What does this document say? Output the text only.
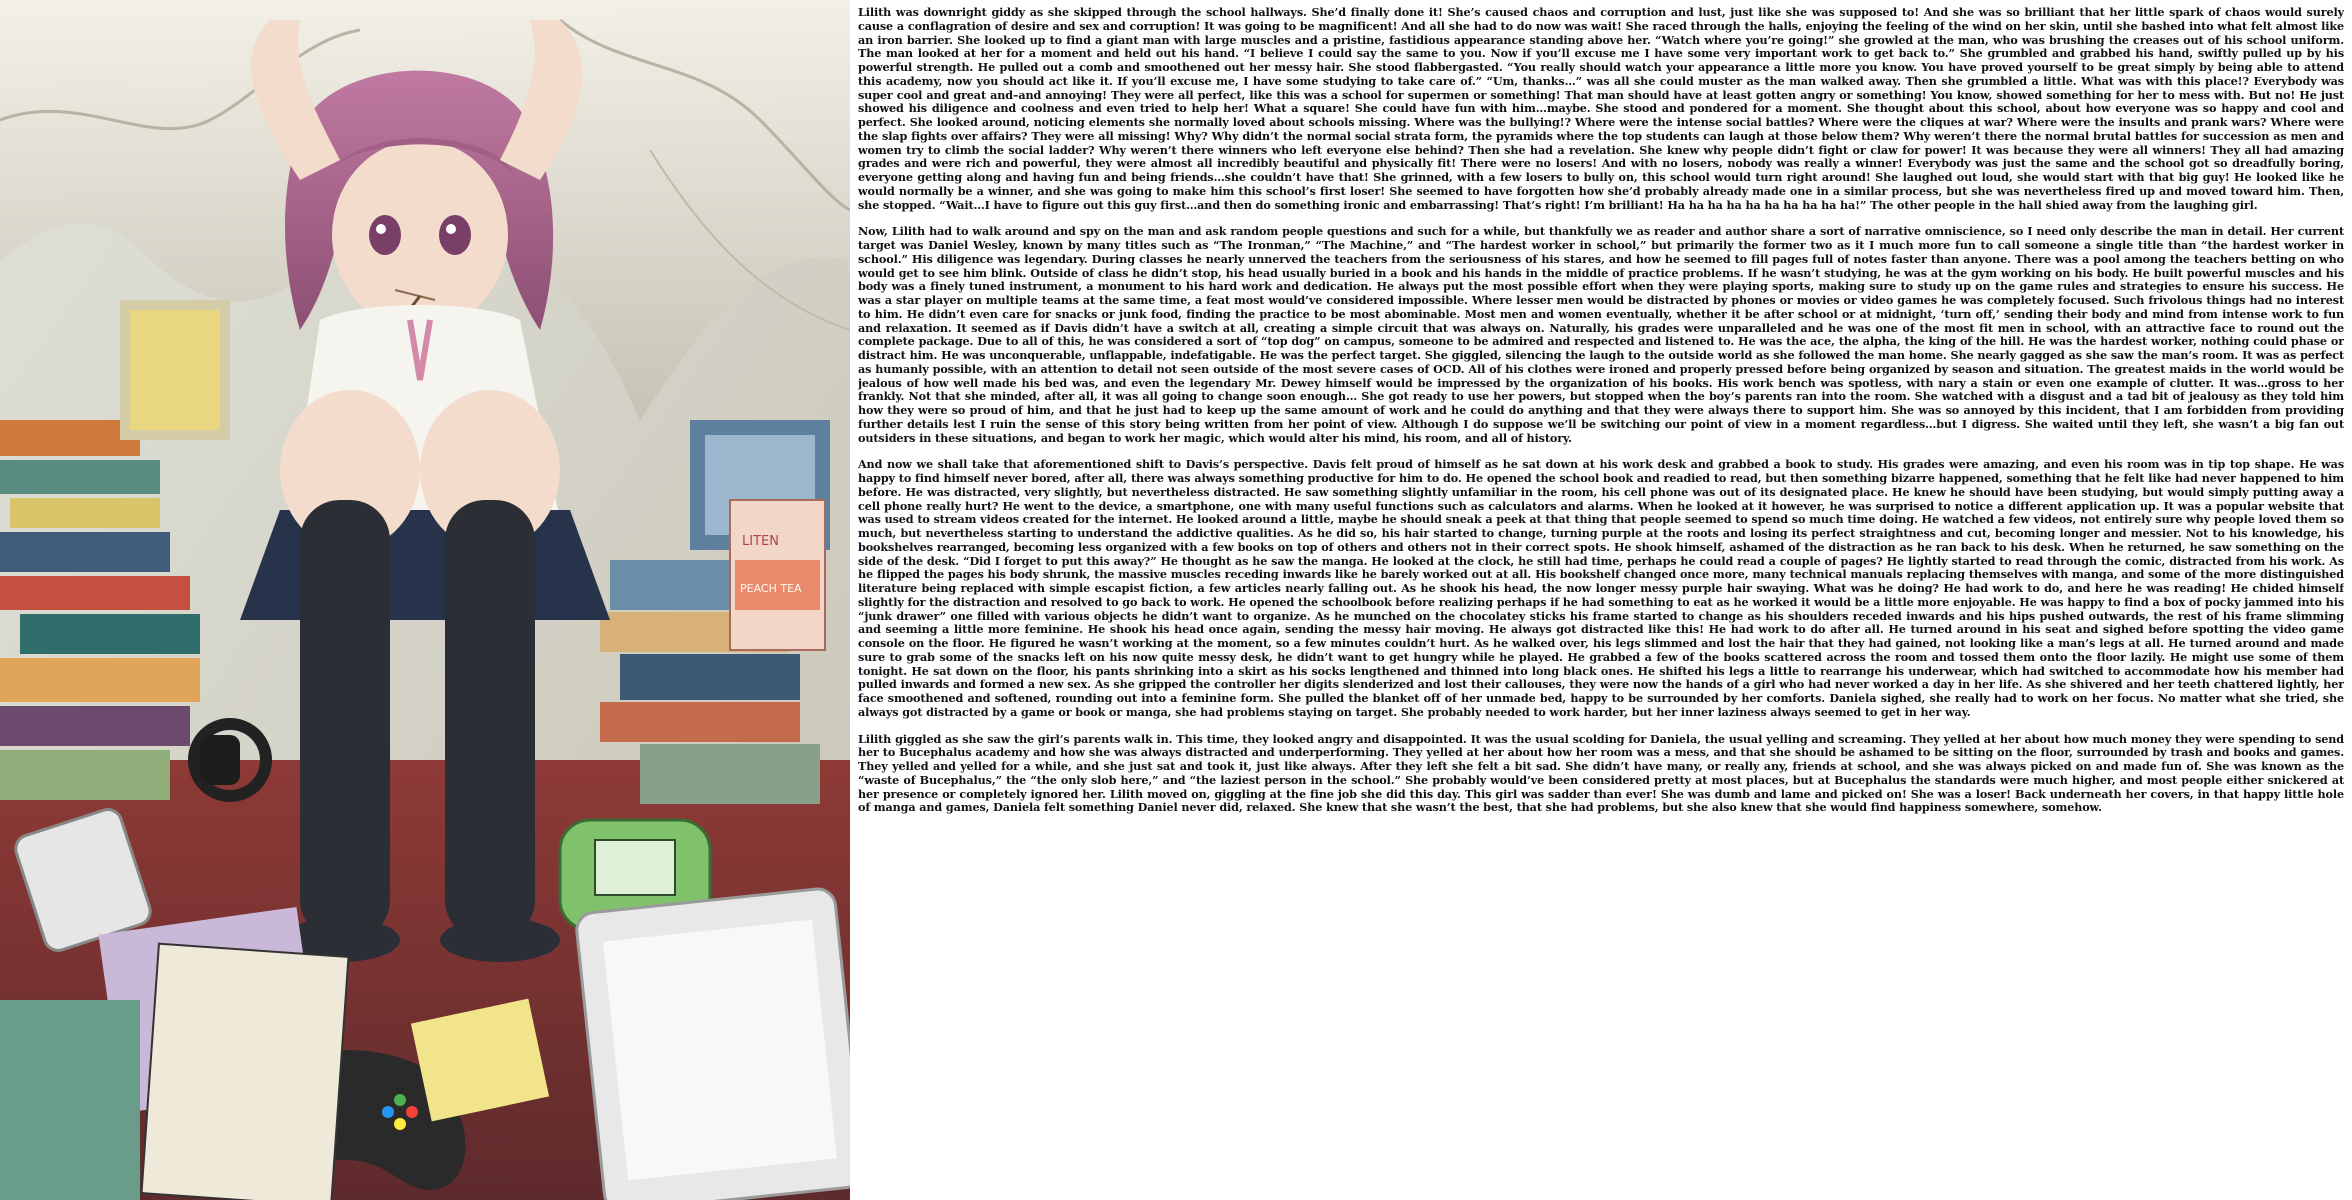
LITEN
PEACH TEA

Lilith was downright giddy as she skipped through the school hallways. She’d finally done it! She’s caused chaos and corruption and lust, just like she was supposed to! And she was so brilliant that her little spark of chaos would surely cause a conflagration of desire and sex and corruption! It was going to be magnificent! And all she had to do now was wait! She raced through the halls, enjoying the feeling of the wind on her skin, until she bashed into what felt almost like an iron barrier. She looked up to find a giant man with large muscles and a pristine, fastidious appearance standing above her. “Watch where you’re going!” she growled at the man, who was brushing the creases out of his school uniform. The man looked at her for a moment and held out his hand. “I believe I could say the same to you. Now if you’ll excuse me I have some very important work to get back to.” She grumbled and grabbed his hand, swiftly pulled up by his powerful strength. He pulled out a comb and smoothened out her messy hair. She stood flabbergasted. “You really should watch your appearance a little more you know. You have proved yourself to be great simply by being able to attend this academy, now you should act like it. If you’ll excuse me, I have some studying to take care of.” “Um, thanks…” was all she could muster as the man walked away. Then she grumbled a little. What was with this place!? Everybody was super cool and great and–and annoying! They were all perfect, like this was a school for supermen or something! That man should have at least gotten angry or something! You know, showed something for her to mess with. But no! He just showed his diligence and coolness and even tried to help her! What a square! She could have fun with him…maybe. She stood and pondered for a moment. She thought about this school, about how everyone was so happy and cool and perfect. She looked around, noticing elements she normally loved about schools missing. Where was the bullying!? Where were the intense social battles? Where were the cliques at war? Where were the insults and prank wars? Where were the slap fights over affairs? They were all missing! Why? Why didn’t the normal social strata form, the pyramids where the top students can laugh at those below them? Why weren’t there the normal brutal battles for succession as men and women try to climb the social ladder? Why weren’t there winners who left everyone else behind? Then she had a revelation. She knew why people didn’t fight or claw for power! It was because they were all winners! They all had amazing grades and were rich and powerful, they were almost all incredibly beautiful and physically fit! There were no losers! And with no losers, nobody was really a winner! Everybody was just the same and the school got so dreadfully boring, everyone getting along and having fun and being friends…she couldn’t have that! She grinned, with a few losers to bully on, this school would turn right around! She laughed out loud, she would start with that big guy! He looked like he would normally be a winner, and she was going to make him this school’s first loser! She seemed to have forgotten how she’d probably already made one in a similar process, but she was nevertheless fired up and moved toward him. Then, she stopped. “Wait…I have to figure out this guy first…and then do something ironic and embarrassing! That’s right! I’m brilliant! Ha ha ha ha ha ha ha ha ha ha!” The other people in the hall shied away from the laughing girl.

Now, Lilith had to walk around and spy on the man and ask random people questions and such for a while, but thankfully we as reader and author share a sort of narrative omniscience, so I need only describe the man in detail. Her current target was Daniel Wesley, known by many titles such as “The Ironman,” “The Machine,” and “The hardest worker in school,” but primarily the former two as it I much more fun to call someone a single title than “the hardest worker in school.” His diligence was legendary. During classes he nearly unnerved the teachers from the seriousness of his stares, and how he seemed to fill pages full of notes faster than anyone. There was a pool among the teachers betting on who would get to see him blink. Outside of class he didn’t stop, his head usually buried in a book and his hands in the middle of practice problems. If he wasn’t studying, he was at the gym working on his body. He built powerful muscles and his body was a finely tuned instrument, a monument to his hard work and dedication. He always put the most possible effort when they were playing sports, making sure to study up on the game rules and strategies to ensure his success. He was a star player on multiple teams at the same time, a feat most would’ve considered impossible. Where lesser men would be distracted by phones or movies or video games he was completely focused. Such frivolous things had no interest to him. He didn’t even care for snacks or junk food, finding the practice to be most abominable. Most men and women eventually, whether it be after school or at midnight, ‘turn off,’ sending their body and mind from intense work to fun and relaxation. It seemed as if Davis didn’t have a switch at all, creating a simple circuit that was always on. Naturally, his grades were unparalleled and he was one of the most fit men in school, with an attractive face to round out the complete package. Due to all of this, he was considered a sort of “top dog” on campus, someone to be admired and respected and listened to. He was the ace, the alpha, the king of the hill. He was the hardest worker, nothing could phase or distract him. He was unconquerable, unflappable, indefatigable. He was the perfect target. She giggled, silencing the laugh to the outside world as she followed the man home. She nearly gagged as she saw the man’s room. It was as perfect as humanly possible, with an attention to detail not seen outside of the most severe cases of OCD. All of his clothes were ironed and properly pressed before being organized by season and situation. The greatest maids in the world would be jealous of how well made his bed was, and even the legendary Mr. Dewey himself would be impressed by the organization of his books. His work bench was spotless, with nary a stain or even one example of clutter. It was…gross to her frankly. Not that she minded, after all, it was all going to change soon enough… She got ready to use her powers, but stopped when the boy’s parents ran into the room. She watched with a disgust and a tad bit of jealousy as they told him how they were so proud of him, and that he just had to keep up the same amount of work and he could do anything and that they were always there to support him. She was so annoyed by this incident, that I am forbidden from providing further details lest I ruin the sense of this story being written from her point of view. Although I do suppose we’ll be switching our point of view in a moment regardless…but I digress. She waited until they left, she wasn’t a big fan out outsiders in these situations, and began to work her magic, which would alter his mind, his room, and all of history.

And now we shall take that aforementioned shift to Davis’s perspective. Davis felt proud of himself as he sat down at his work desk and grabbed a book to study. His grades were amazing, and even his room was in tip top shape. He was happy to find himself never bored, after all, there was always something productive for him to do. He opened the school book and readied to read, but then something bizarre happened, something that he felt like had never happened to him before. He was distracted, very slightly, but nevertheless distracted. He saw something slightly unfamiliar in the room, his cell phone was out of its designated place. He knew he should have been studying, but would simply putting away a cell phone really hurt? He went to the device, a smartphone, one with many useful functions such as calculators and alarms. When he looked at it however, he was surprised to notice a different application up. It was a popular website that was used to stream videos created for the internet. He looked around a little, maybe he should sneak a peek at that thing that people seemed to spend so much time doing. He watched a few videos, not entirely sure why people loved them so much, but nevertheless starting to understand the addictive qualities. As he did so, his hair started to change, turning purple at the roots and losing its perfect straightness and cut, becoming longer and messier. Not to his knowledge, his bookshelves rearranged, becoming less organized with a few books on top of others and others not in their correct spots. He shook himself, ashamed of the distraction as he ran back to his desk. When he returned, he saw something on the side of the desk. “Did I forget to put this away?” He thought as he saw the manga. He looked at the clock, he still had time, perhaps he could read a couple of pages? He lightly started to read through the comic, distracted from his work. As he flipped the pages his body shrunk, the massive muscles receding inwards like he barely worked out at all. His bookshelf changed once more, many technical manuals replacing themselves with manga, and some of the more distinguished literature being replaced with simple escapist fiction, a few articles nearly falling out. As he shook his head, the now longer messy purple hair swaying. What was he doing? He had work to do, and here he was reading! He chided himself slightly for the distraction and resolved to go back to work. He opened the schoolbook before realizing perhaps if he had something to eat as he worked it would be a little more enjoyable. He was happy to find a box of pocky jammed into his “junk drawer” one filled with various objects he didn’t want to organize. As he munched on the chocolatey sticks his frame started to change as his shoulders receded inwards and his hips pushed outwards, the rest of his frame slimming and seeming a little more feminine. He shook his head once again, sending the messy hair moving. He always got distracted like this! He had work to do after all. He turned around in his seat and sighed before spotting the video game console on the floor. He figured he wasn’t working at the moment, so a few minutes couldn’t hurt. As he walked over, his legs slimmed and lost the hair that they had gained, not looking like a man’s legs at all. He turned around and made sure to grab some of the snacks left on his now quite messy desk, he didn’t want to get hungry while he played. He grabbed a few of the books scattered across the room and tossed them onto the floor lazily. He might use some of them tonight. He sat down on the floor, his pants shrinking into a skirt as his socks lengthened and thinned into long black ones. He shifted his legs a little to rearrange his underwear, which had switched to accommodate how his member had pulled inwards and formed a new sex. As she gripped the controller her digits slenderized and lost their callouses, they were now the hands of a girl who had never worked a day in her life. As she shivered and her teeth chattered lightly, her face smoothened and softened, rounding out into a feminine form. She pulled the blanket off of her unmade bed, happy to be surrounded by her comforts. Daniela sighed, she really had to work on her focus. No matter what she tried, she always got distracted by a game or book or manga, she had problems staying on target. She probably needed to work harder, but her inner laziness always seemed to get in her way.

Lilith giggled as she saw the girl’s parents walk in. This time, they looked angry and disappointed. It was the usual scolding for Daniela, the usual yelling and screaming. They yelled at her about how much money they were spending to send her to Bucephalus academy and how she was always distracted and underperforming. They yelled at her about how her room was a mess, and that she should be ashamed to be sitting on the floor, surrounded by trash and books and games. They yelled and yelled for a while, and she just sat and took it, just like always. After they left she felt a bit sad. She didn’t have many, or really any, friends at school, and she was always picked on and made fun of. She was known as the “waste of Bucephalus,” the “the only slob here,” and “the laziest person in the school.” She probably would’ve been considered pretty at most places, but at Bucephalus the standards were much higher, and most people either snickered at her presence or completely ignored her. Lilith moved on, giggling at the fine job she did this day. This girl was sadder than ever! She was dumb and lame and picked on! She was a loser! Back underneath her covers, in that happy little hole of manga and games, Daniela felt something Daniel never did, relaxed. She knew that she wasn’t the best, that she had problems, but she also knew that she would find happiness somewhere, somehow.
